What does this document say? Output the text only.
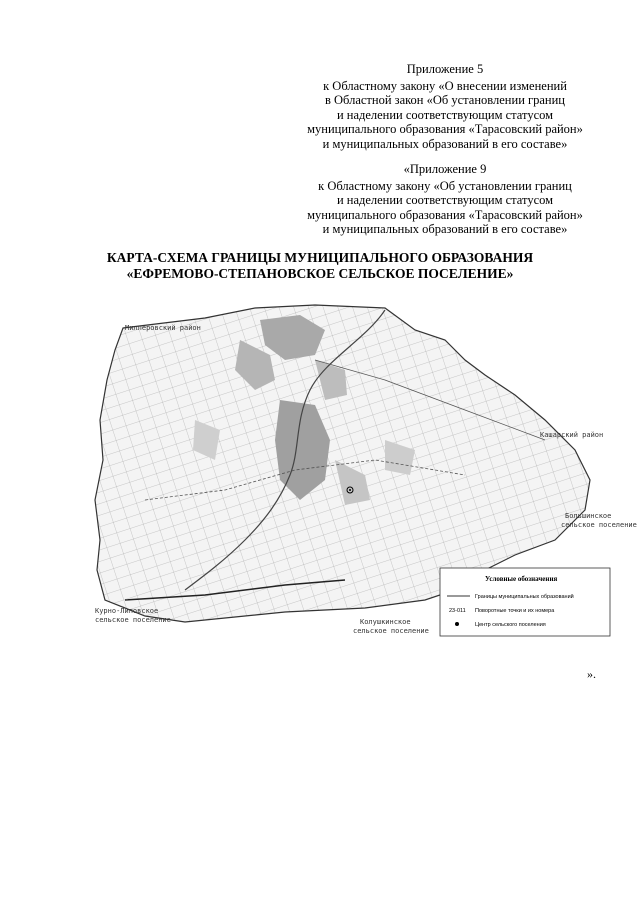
Приложение 5
к Областному закону «О внесении изменений
в Областной закон «Об установлении границ
и наделении соответствующим статусом
муниципального образования «Тарасовский район»
и муниципальных образований в его составе»
«Приложение 9
к Областному закону «Об установлении границ
и наделении соответствующим статусом
муниципального образования «Тарасовский район»
и муниципальных образований в его составе»
КАРТА-СХЕМА ГРАНИЦЫ МУНИЦИПАЛЬНОГО ОБРАЗОВАНИЯ
«ЕФРЕМОВО-СТЕПАНОВСКОЕ СЕЛЬСКОЕ ПОСЕЛЕНИЕ»
Миллеровский район
Кашарский район
Большинское
сельское поселение
Курно-Липовское
сельское поселение	Колушкинское
сельское поселение
Условные обозначения
Границы муниципальных образований
23-011 Поворотные точки и их номера
Центр сельского поселения
».
